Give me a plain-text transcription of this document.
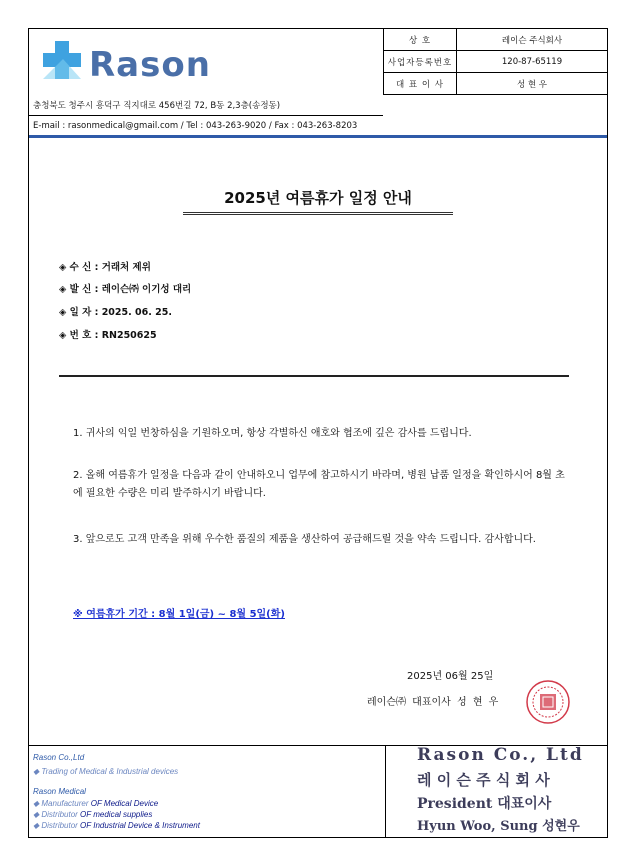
Rason
충청북도 청주시 흥덕구 직지대로 456번길 72, B동 2,3층(송정동)
E-mail : rasonmedical@gmail.com / Tel : 043-263-9020 / Fax : 043-263-8203
상 호	레이슨 주식회사
사업자등록번호	120-87-65119
대 표 이 사	성 현 우
2025년 여름휴가 일정 안내
◈ 수 신 : 거래처 제위
◈ 발 신 : 레이슨㈜ 이기성 대리
◈ 일 자 : 2025. 06. 25.
◈ 번 호 : RN250625
1. 귀사의 익일 번창하심을 기원하오며, 항상 각별하신 애호와 협조에 깊은 감사를 드립니다.
2. 올해 여름휴가 일정을 다음과 같이 안내하오니 업무에 참고하시기 바라며, 병원 납품 일정을 확인하시어 8월 초에 필요한 수량은 미리 발주하시기 바랍니다.
3. 앞으로도 고객 만족을 위해 우수한 품질의 제품을 생산하여 공급해드릴 것을 약속 드립니다. 감사합니다.
※ 여름휴가 기간 : 8월 1일(금) ~ 8월 5일(화)
2025년 06월 25일
레이슨㈜ 대표이사 성 현 우
Rason Co.,Ltd
◆ Trading of Medical & Industrial devices
Rason Medical
◆ Manufacturer OF Medical Device
◆ Distributor OF medical supplies
◆ Distributor OF Industrial Device & Instrument
Rason Co., Ltd
레 이 슨 주 식 회 사
President 대표이사
Hyun Woo, Sung 성현우
